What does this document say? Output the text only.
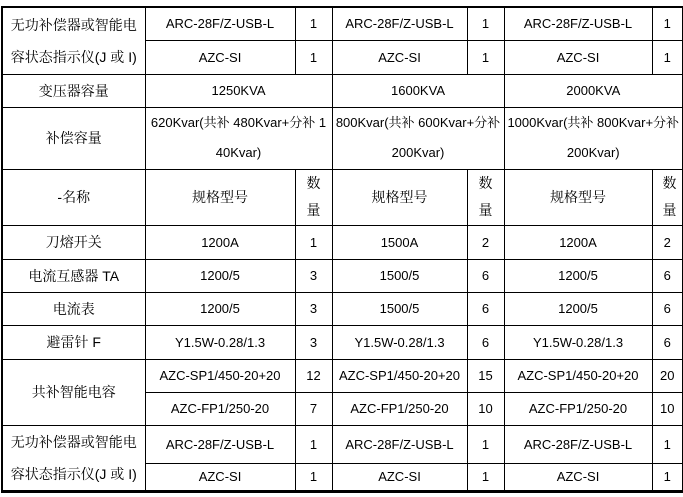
无功补偿器或智能电容状态指示仪(J 或 I)	ARC-28F/Z-USB-L	1	ARC-28F/Z-USB-L	1	ARC-28F/Z-USB-L	1
	AZC-SI	1	AZC-SI	1	AZC-SI	1
变压器容量	1250KVA		1600KVA		2000KVA	
补偿容量	620Kvar(共补 480Kvar+分补 140Kvar)		800Kvar(共补 600Kvar+分补 200Kvar)		1000Kvar(共补 800Kvar+分补 200Kvar)	
-名称	规格型号	数量	规格型号	数量	规格型号	数量
刀熔开关	1200A	1	1500A	2	1200A	2
电流互感器 TA	1200/5	3	1500/5	6	1200/5	6
电流表	1200/5	3	1500/5	6	1200/5	6
避雷针 F	Y1.5W-0.28/1.3	3	Y1.5W-0.28/1.3	6	Y1.5W-0.28/1.3	6
共补智能电容	AZC-SP1/450-20+20	12	AZC-SP1/450-20+20	15	AZC-SP1/450-20+20	20
	AZC-FP1/250-20	7	AZC-FP1/250-20	10	AZC-FP1/250-20	10
无功补偿器或智能电容状态指示仪(J 或 I)	ARC-28F/Z-USB-L	1	ARC-28F/Z-USB-L	1	ARC-28F/Z-USB-L	1
	AZC-SI	1	AZC-SI	1	AZC-SI	1
